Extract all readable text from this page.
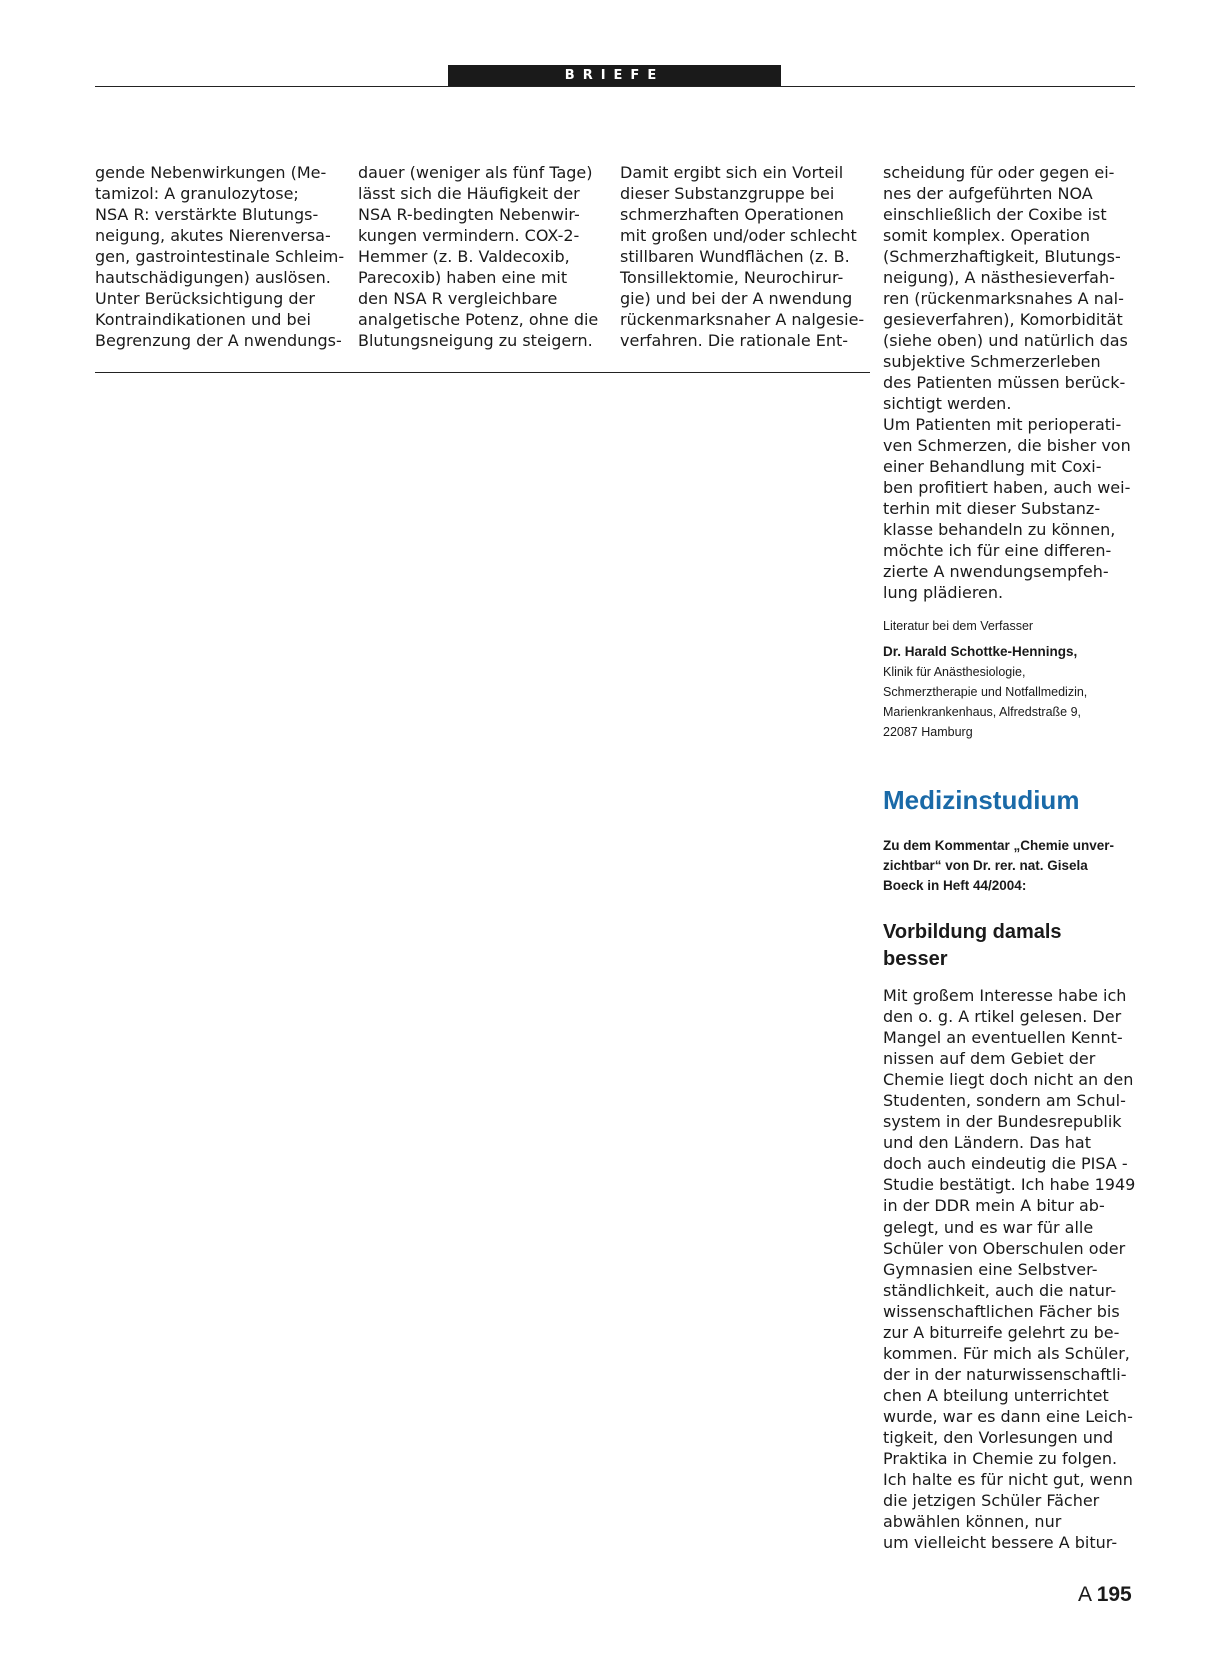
BRIEFE
gende Nebenwirkungen (Me-
tamizol: A granulozytose;
NSA R: verstärkte Blutungs-
neigung, akutes Nierenversa-
gen, gastrointestinale Schleim-
hautschädigungen) auslösen.
Unter Berücksichtigung der
Kontraindikationen und bei
Begrenzung der A nwendungs-
dauer (weniger als fünf Tage)
lässt sich die Häufigkeit der
NSA R-bedingten Nebenwir-
kungen vermindern. COX-2-
Hemmer (z. B. Valdecoxib,
Parecoxib) haben eine mit
den NSA R vergleichbare
analgetische Potenz, ohne die
Blutungsneigung zu steigern.
Damit ergibt sich ein Vorteil
dieser Substanzgruppe bei
schmerzhaften Operationen
mit großen und/oder schlecht
stillbaren Wundflächen (z. B.
Tonsillektomie, Neurochirur-
gie) und bei der A nwendung
rückenmarksnaher A nalgesie-
verfahren. Die rationale Ent-
scheidung für oder gegen ei-
nes der aufgeführten NOA
einschließlich der Coxibe ist
somit komplex. Operation
(Schmerzhaftigkeit, Blutungs-
neigung), A nästhesieverfah-
ren (rückenmarksnahes A nal-
gesieverfahren), Komorbidität
(siehe oben) und natürlich das
subjektive Schmerzerleben
des Patienten müssen berück-
sichtigt werden.
Um Patienten mit perioperati-
ven Schmerzen, die bisher von
einer Behandlung mit Coxi-
ben profitiert haben, auch wei-
terhin mit dieser Substanz-
klasse behandeln zu können,
möchte ich für eine differen-
zierte A nwendungsempfeh-
lung plädieren.
Literatur bei dem Verfasser
Dr. Harald Schottke-Hennings,
Klinik für Anästhesiologie,
Schmerztherapie und Notfallmedizin,
Marienkrankenhaus, Alfredstraße 9,
22087 Hamburg
Medizinstudium
Zu dem Kommentar „Chemie unver-
zichtbar“ von Dr. rer. nat. Gisela
Boeck in Heft 44/2004:
Vorbildung damals
besser
Mit großem Interesse habe ich
den o. g. A rtikel gelesen. Der
Mangel an eventuellen Kennt-
nissen auf dem Gebiet der
Chemie liegt doch nicht an den
Studenten, sondern am Schul-
system in der Bundesrepublik
und den Ländern. Das hat
doch auch eindeutig die PISA -
Studie bestätigt. Ich habe 1949
in der DDR mein A bitur ab-
gelegt, und es war für alle
Schüler von Oberschulen oder
Gymnasien eine Selbstver-
ständlichkeit, auch die natur-
wissenschaftlichen Fächer bis
zur A biturreife gelehrt zu be-
kommen. Für mich als Schüler,
der in der naturwissenschaftli-
chen A bteilung unterrichtet
wurde, war es dann eine Leich-
tigkeit, den Vorlesungen und
Praktika in Chemie zu folgen.
Ich halte es für nicht gut, wenn
die jetzigen Schüler Fächer
abwählen können, nur
um vielleicht bessere A bitur-
A 195
